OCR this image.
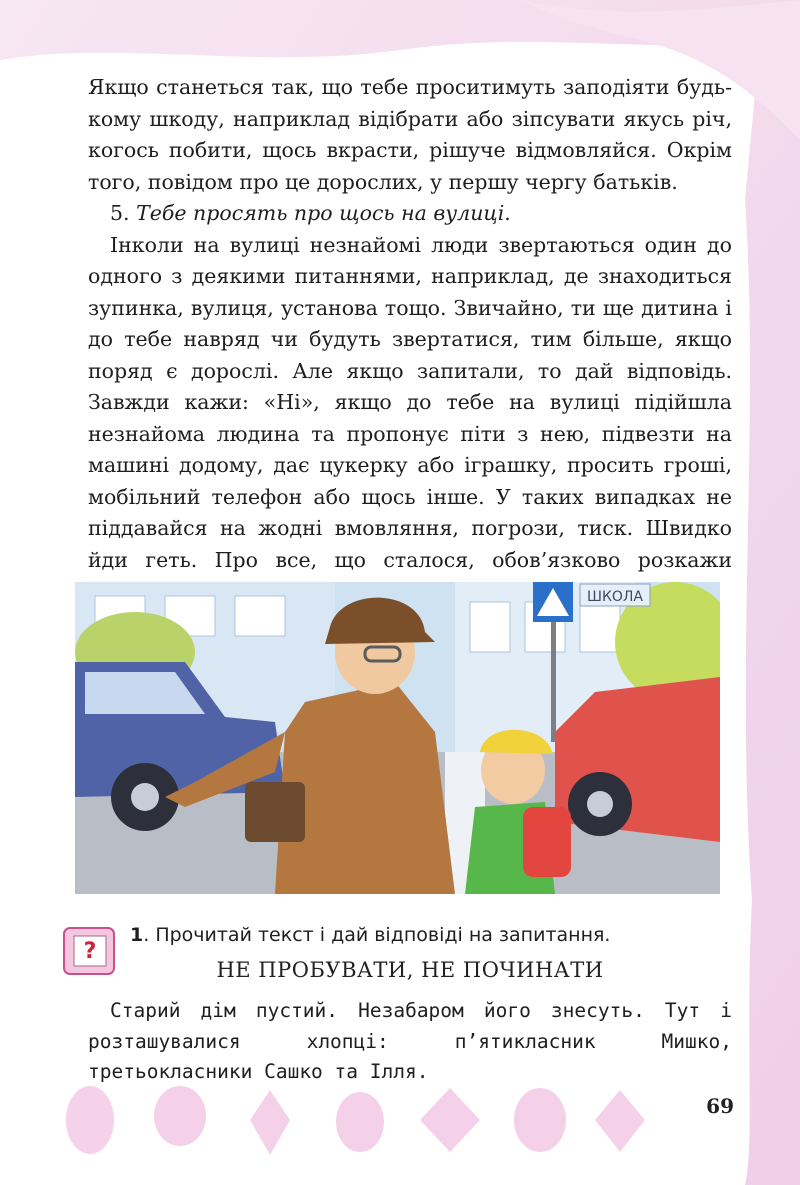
Якщо станеться так, що тебе проситимуть заподіяти будь-кому шкоду, наприклад відібрати або зіпсувати якусь річ, когось побити, щось вкрасти, рішуче відмовляйся. Окрім того, повідом про це дорослих, у першу чергу батьків.

5. Тебе просять про щось на вулиці.

Інколи на вулиці незнайомі люди звертаються один до одного з деякими питаннями, наприклад, де знаходиться зупинка, вулиця, установа тощо. Звичайно, ти ще дитина і до тебе навряд чи будуть звертатися, тим більше, якщо поряд є дорослі. Але якщо запитали, то дай відповідь. Завжди кажи: «Ні», якщо до тебе на вулиці підійшла незнайома людина та пропонує піти з нею, підвезти на машині додому, дає цукерку або іграшку, просить гроші, мобільний телефон або щось інше. У таких випадках не піддавайся на жодні вмовляння, погрози, тиск. Швидко йди геть. Про все, що сталося, обов’язково розкажи

ШКОЛА
?
1. Прочитай текст і дай відповіді на запитання.
НЕ ПРОБУВАТИ, НЕ ПОЧИНАТИ

Старий дім пустий. Незабаром його знесуть. Тут і розташувалися хлопці: п’ятикласник Мишко, третьокласники Сашко та Ілля.

69
